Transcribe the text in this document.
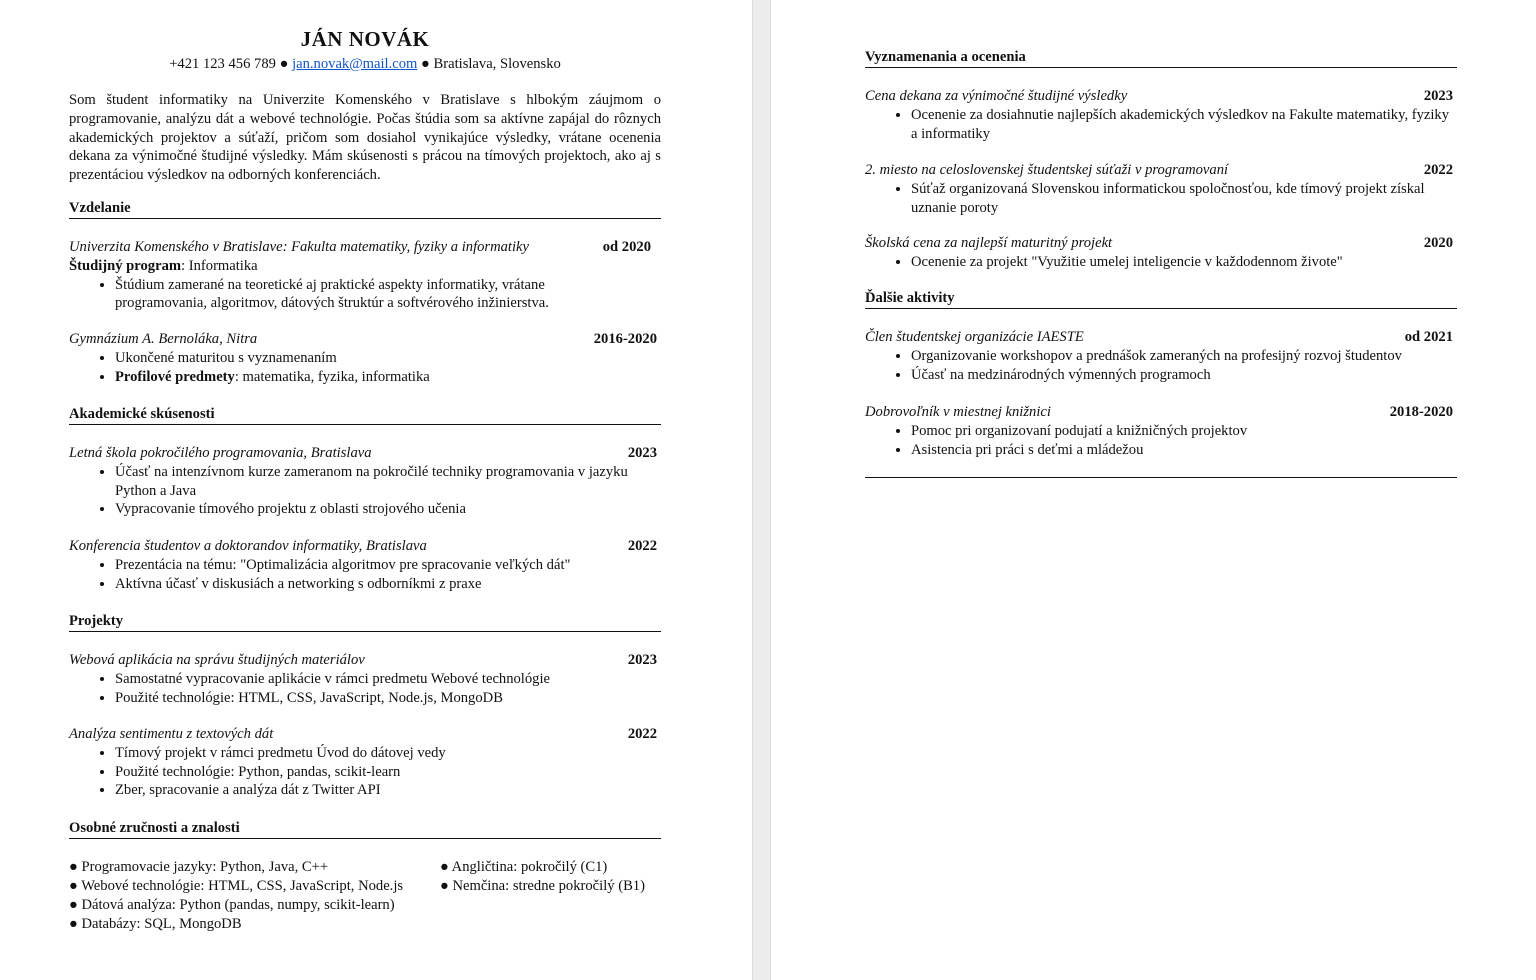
JÁN NOVÁK
+421 123 456 789 ● jan.novak@mail.com ● Bratislava, Slovensko
Som študent informatiky na Univerzite Komenského v Bratislave s hlbokým záujmom o programovanie, analýzu dát a webové technológie. Počas štúdia som sa aktívne zapájal do rôznych akademických projektov a súťaží, pričom som dosiahol vynikajúce výsledky, vrátane ocenenia dekana za výnimočné študijné výsledky. Mám skúsenosti s prácou na tímových projektoch, ako aj s prezentáciou výsledkov na odborných konferenciách.
Vzdelanie
Univerzita Komenského v Bratislave: Fakulta matematiky, fyziky a informatiky	od 2020
Študijný program: Informatika
• Štúdium zamerané na teoretické aj praktické aspekty informatiky, vrátane programovania, algoritmov, dátových štruktúr a softvérového inžinierstva.
Gymnázium A. Bernoláka, Nitra	2016-2020
• Ukončené maturitou s vyznamenaním
• Profilové predmety: matematika, fyzika, informatika
Akademické skúsenosti
Letná škola pokročilého programovania, Bratislava	2023
• Účasť na intenzívnom kurze zameranom na pokročilé techniky programovania v jazyku Python a Java
• Vypracovanie tímového projektu z oblasti strojového učenia
Konferencia študentov a doktorandov informatiky, Bratislava	2022
• Prezentácia na tému: "Optimalizácia algoritmov pre spracovanie veľkých dát"
• Aktívna účasť v diskusiách a networking s odborníkmi z praxe
Projekty
Webová aplikácia na správu študijných materiálov	2023
• Samostatné vypracovanie aplikácie v rámci predmetu Webové technológie
• Použité technológie: HTML, CSS, JavaScript, Node.js, MongoDB
Analýza sentimentu z textových dát	2022
• Tímový projekt v rámci predmetu Úvod do dátovej vedy
• Použité technológie: Python, pandas, scikit-learn
• Zber, spracovanie a analýza dát z Twitter API
Osobné zručnosti a znalosti
● Programovacie jazyky: Python, Java, C++
● Webové technológie: HTML, CSS, JavaScript, Node.js
● Dátová analýza: Python (pandas, numpy, scikit-learn)
● Databázy: SQL, MongoDB
● Angličtina: pokročilý (C1)
● Nemčina: stredne pokročilý (B1)
Vyznamenania a ocenenia
Cena dekana za výnimočné študijné výsledky	2023
• Ocenenie za dosiahnutie najlepších akademických výsledkov na Fakulte matematiky, fyziky a informatiky
2. miesto na celoslovenskej študentskej súťaži v programovaní	2022
• Súťaž organizovaná Slovenskou informatickou spoločnosťou, kde tímový projekt získal uznanie poroty
Školská cena za najlepší maturitný projekt	2020
• Ocenenie za projekt "Využitie umelej inteligencie v každodennom živote"
Ďalšie aktivity
Člen študentskej organizácie IAESTE	od 2021
• Organizovanie workshopov a prednášok zameraných na profesijný rozvoj študentov
• Účasť na medzinárodných výmenných programoch
Dobrovoľník v miestnej knižnici	2018-2020
• Pomoc pri organizovaní podujatí a knižničných projektov
• Asistencia pri práci s deťmi a mládežou
